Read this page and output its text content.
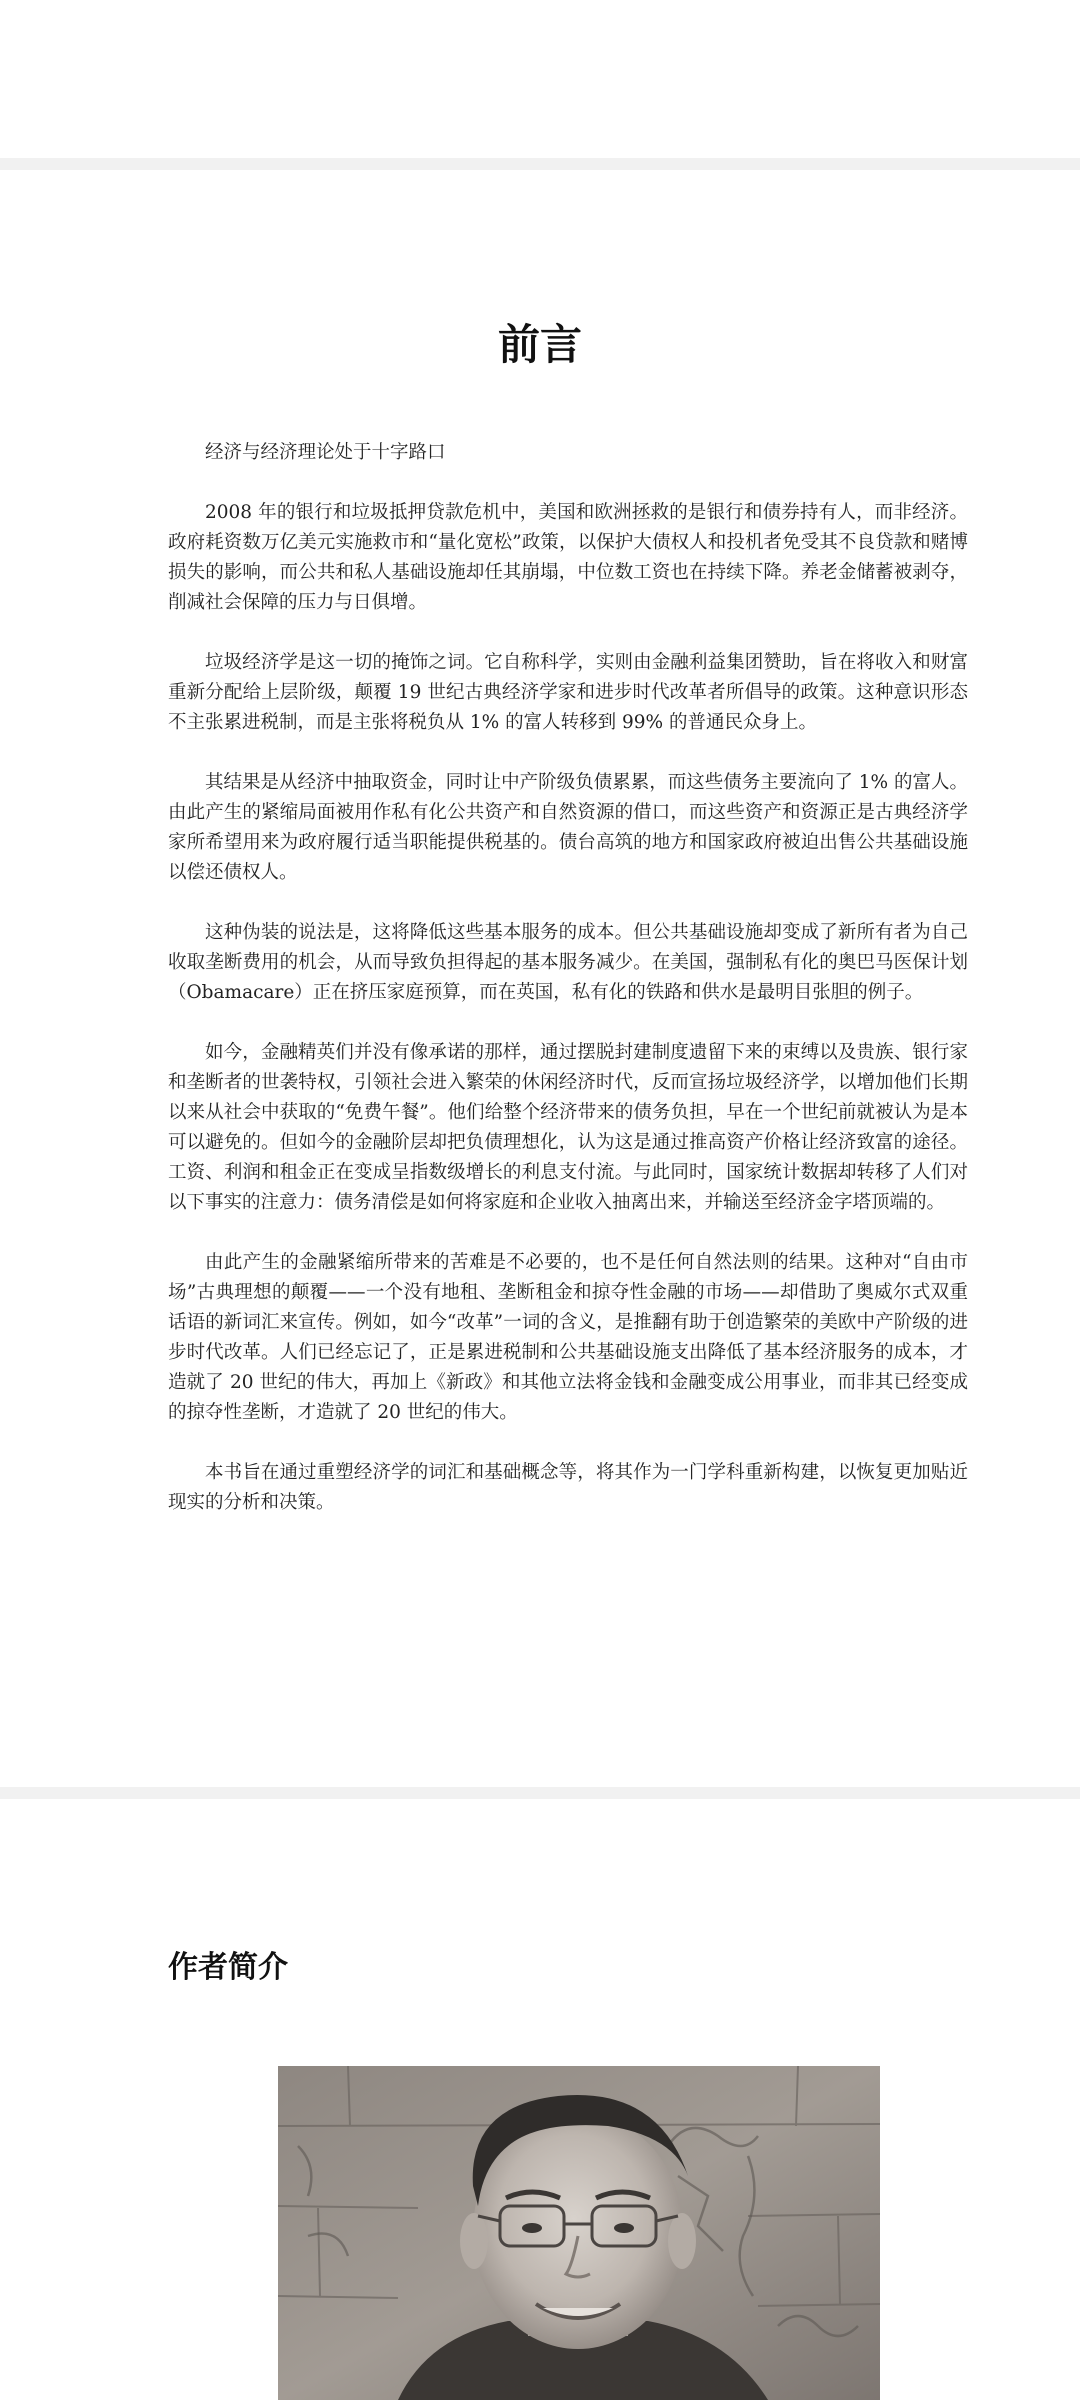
前言

经济与经济理论处于十字路口

2008 年的银行和垃圾抵押贷款危机中，美国和欧洲拯救的是银行和债券持有人，而非经济。政府耗资数万亿美元实施救市和“量化宽松”政策，以保护大债权人和投机者免受其不良贷款和赌博损失的影响，而公共和私人基础设施却任其崩塌，中位数工资也在持续下降。养老金储蓄被剥夺，削减社会保障的压力与日俱增。

垃圾经济学是这一切的掩饰之词。它自称科学，实则由金融利益集团赞助，旨在将收入和财富重新分配给上层阶级，颠覆 19 世纪古典经济学家和进步时代改革者所倡导的政策。这种意识形态不主张累进税制，而是主张将税负从 1% 的富人转移到 99% 的普通民众身上。

其结果是从经济中抽取资金，同时让中产阶级负债累累，而这些债务主要流向了 1% 的富人。由此产生的紧缩局面被用作私有化公共资产和自然资源的借口，而这些资产和资源正是古典经济学家所希望用来为政府履行适当职能提供税基的。债台高筑的地方和国家政府被迫出售公共基础设施以偿还债权人。

这种伪装的说法是，这将降低这些基本服务的成本。但公共基础设施却变成了新所有者为自己收取垄断费用的机会，从而导致负担得起的基本服务减少。在美国，强制私有化的奥巴马医保计划（Obamacare）正在挤压家庭预算，而在英国，私有化的铁路和供水是最明目张胆的例子。

如今，金融精英们并没有像承诺的那样，通过摆脱封建制度遗留下来的束缚以及贵族、银行家和垄断者的世袭特权，引领社会进入繁荣的休闲经济时代，反而宣扬垃圾经济学，以增加他们长期以来从社会中获取的“免费午餐”。他们给整个经济带来的债务负担，早在一个世纪前就被认为是本可以避免的。但如今的金融阶层却把负债理想化，认为这是通过推高资产价格让经济致富的途径。工资、利润和租金正在变成呈指数级增长的利息支付流。与此同时，国家统计数据却转移了人们对以下事实的注意力：债务清偿是如何将家庭和企业收入抽离出来，并输送至经济金字塔顶端的。

由此产生的金融紧缩所带来的苦难是不必要的，也不是任何自然法则的结果。这种对“自由市场”古典理想的颠覆——一个没有地租、垄断租金和掠夺性金融的市场——却借助了奥威尔式双重话语的新词汇来宣传。例如，如今“改革”一词的含义，是推翻有助于创造繁荣的美欧中产阶级的进步时代改革。人们已经忘记了，正是累进税制和公共基础设施支出降低了基本经济服务的成本，才造就了 20 世纪的伟大，再加上《新政》和其他立法将金钱和金融变成公用事业，而非其已经变成的掠夺性垄断，才造就了 20 世纪的伟大。

本书旨在通过重塑经济学的词汇和基础概念等，将其作为一门学科重新构建，以恢复更加贴近现实的分析和决策。

作者简介
